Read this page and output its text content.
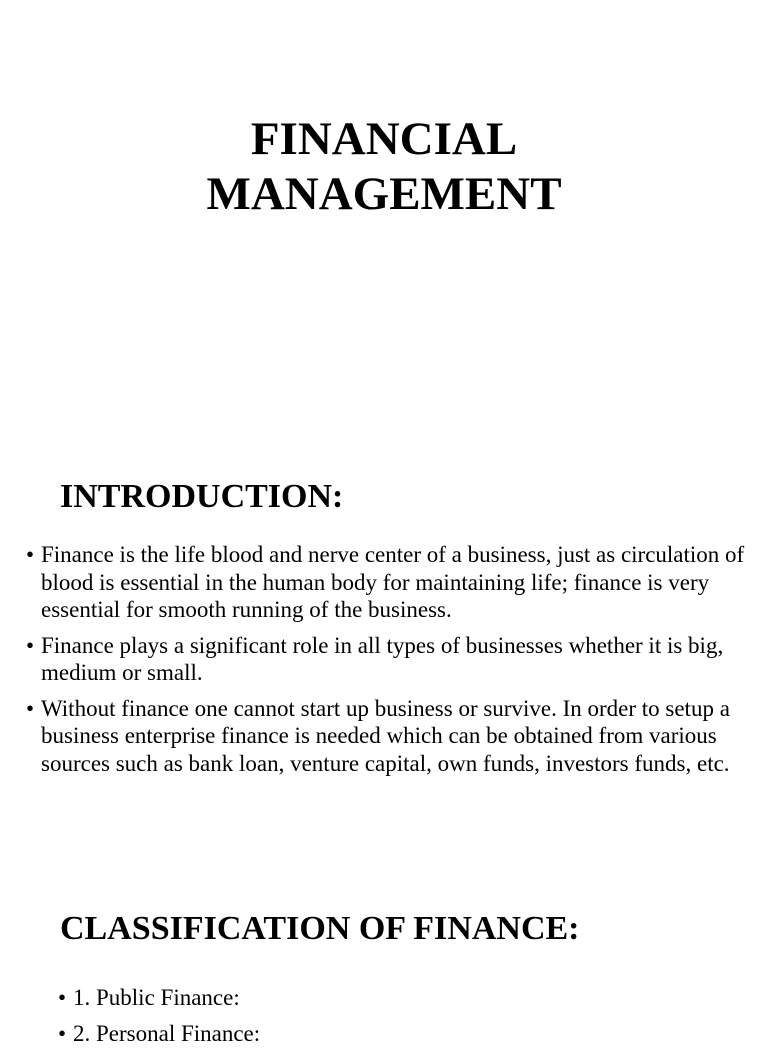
FINANCIAL
MANAGEMENT
INTRODUCTION:
• Finance is the life blood and nerve center of a business, just as circulation of blood is essential in the human body for maintaining life; finance is very essential for smooth running of the business.
• Finance plays a significant role in all types of businesses whether it is big, medium or small.
• Without finance one cannot start up business or survive. In order to setup a business enterprise finance is needed which can be obtained from various sources such as bank loan, venture capital, own funds, investors funds, etc.
CLASSIFICATION OF FINANCE:
• 1. Public Finance:
• 2. Personal Finance:
